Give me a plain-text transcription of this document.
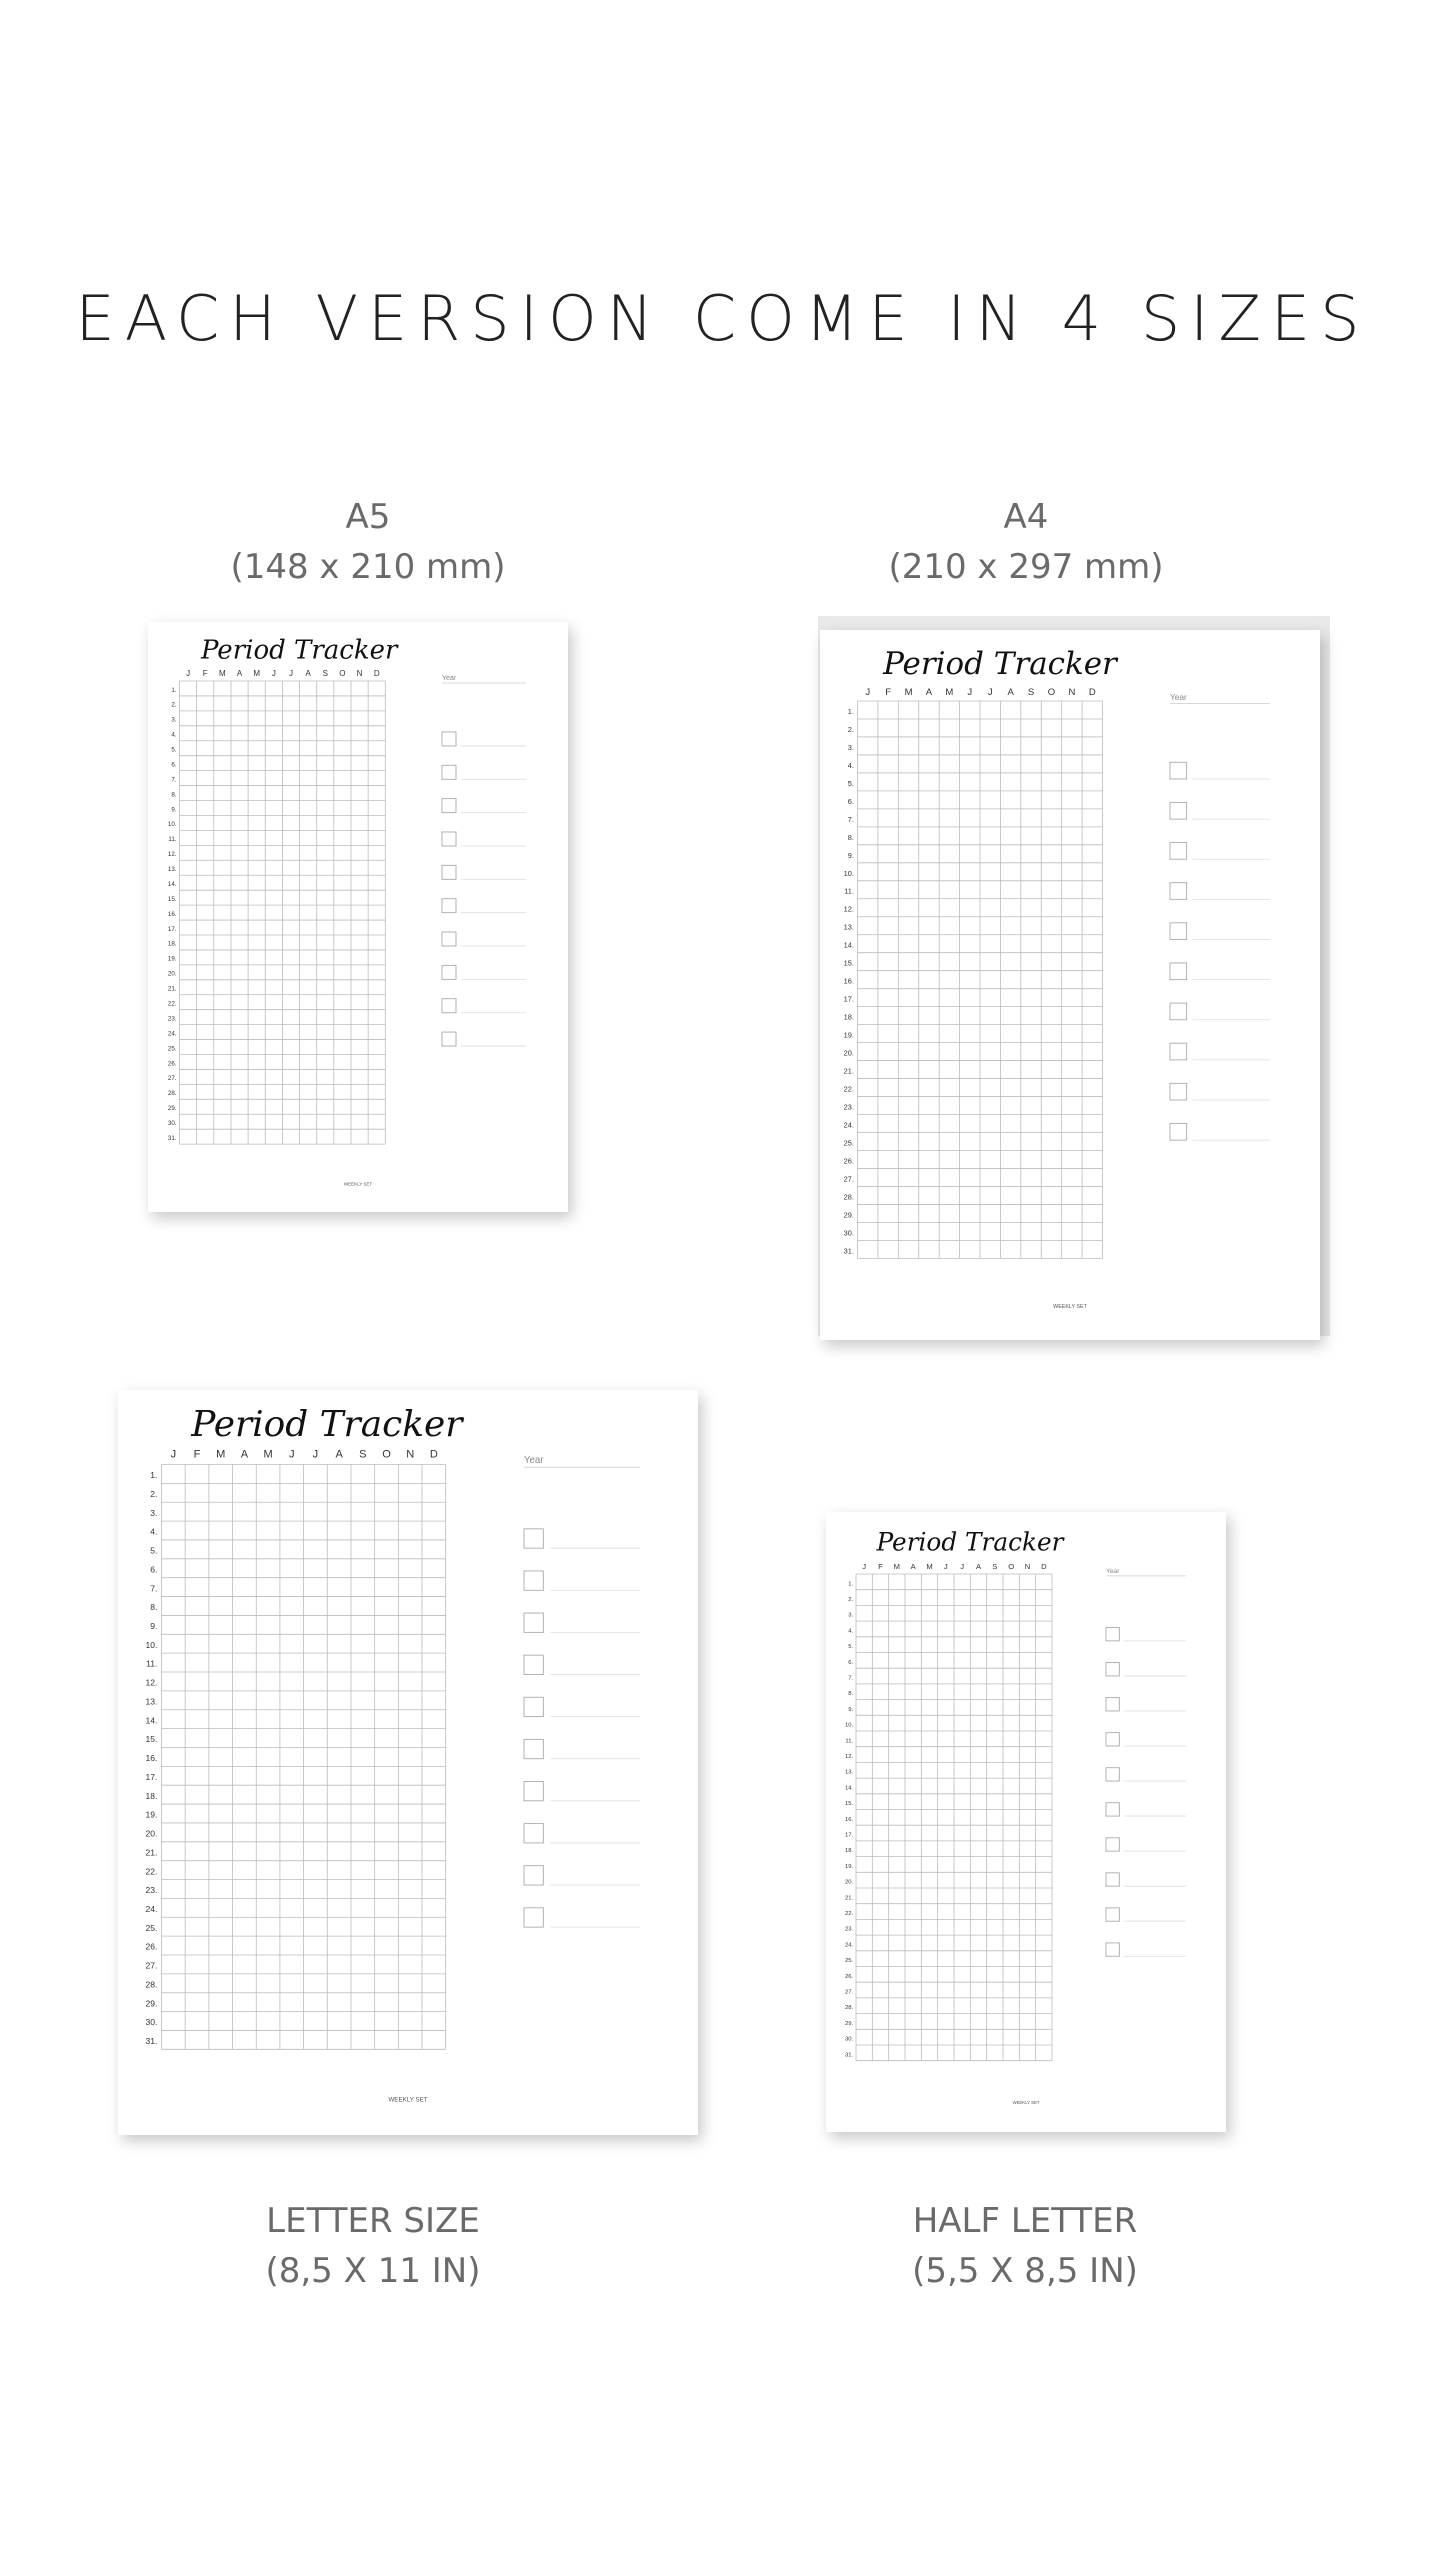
EACH VERSION COME IN 4 SIZES
A5
(148 x 210 mm)
A4
(210 x 297 mm)
LETTER SIZE
(8,5 X 11 IN)
HALF LETTER
(5,5 X 8,5 IN)
Period Tracker
J F M A M J J A S O N D
1.
2.
3.
4.
5.
6.
7.
8.
9.
10.
11.
12.
13.
14.
15.
16.
17.
18.
19.
20.
21.
22.
23.
24.
25.
26.
27.
28.
29.
30.
31.
Year
WEEKLY SET
Period Tracker
J F M A M J J A S O N D
1.
2.
3.
4.
5.
6.
7.
8.
9.
10.
11.
12.
13.
14.
15.
16.
17.
18.
19.
20.
21.
22.
23.
24.
25.
26.
27.
28.
29.
30.
31.
Year
WEEKLY SET
Period Tracker
J F M A M J J A S O N D
1.
2.
3.
4.
5.
6.
7.
8.
9.
10.
11.
12.
13.
14.
15.
16.
17.
18.
19.
20.
21.
22.
23.
24.
25.
26.
27.
28.
29.
30.
31.
Year
WEEKLY SET
Period Tracker
J F M A M J J A S O N D
1.
2.
3.
4.
5.
6.
7.
8.
9.
10.
11.
12.
13.
14.
15.
16.
17.
18.
19.
20.
21.
22.
23.
24.
25.
26.
27.
28.
29.
30.
31.
Year
WEEKLY SET
